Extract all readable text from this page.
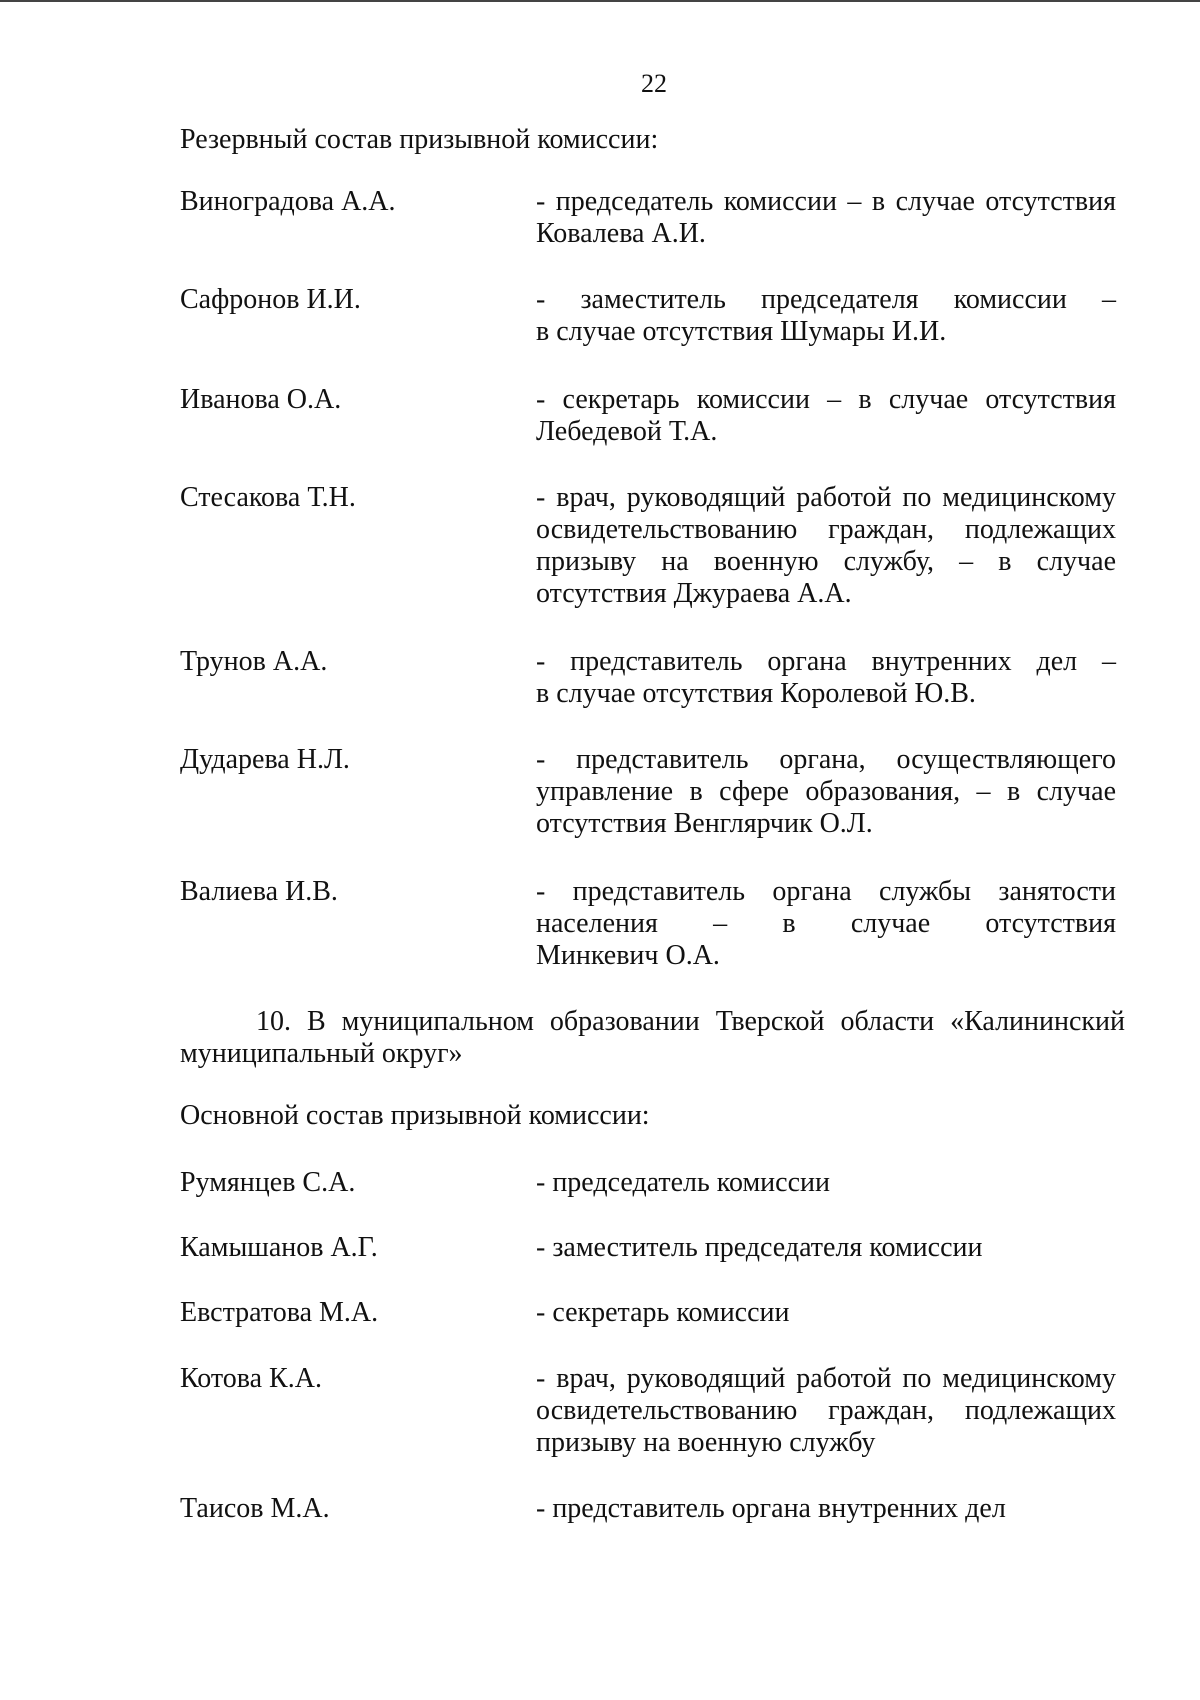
22
Резервный состав призывной комиссии:
Виноградова А.А.	- председатель комиссии – в случае отсутствия
Ковалева А.И.
Сафронов И.И.	- заместитель председателя комиссии –
в случае отсутствия Шумары И.И.
Иванова О.А.	- секретарь комиссии – в случае отсутствия
Лебедевой Т.А.
Стесакова Т.Н.	- врач, руководящий работой по медицинскому
освидетельствованию граждан, подлежащих
призыву на военную службу, – в случае
отсутствия Джураева А.А.
Трунов А.А.	- представитель органа внутренних дел –
в случае отсутствия Королевой Ю.В.
Дударева Н.Л.	- представитель органа, осуществляющего
управление в сфере образования, – в случае
отсутствия Венглярчик О.Л.
Валиева И.В.	- представитель органа службы занятости
населения – в случае отсутствия
Минкевич О.А.
10. В муниципальном образовании Тверской области «Калининский
муниципальный округ»
Основной состав призывной комиссии:
Румянцев С.А.	- председатель комиссии
Камышанов А.Г.	- заместитель председателя комиссии
Евстратова М.А.	- секретарь комиссии
Котова К.А.	- врач, руководящий работой по медицинскому
освидетельствованию граждан, подлежащих
призыву на военную службу
Таисов М.А.	- представитель органа внутренних дел
